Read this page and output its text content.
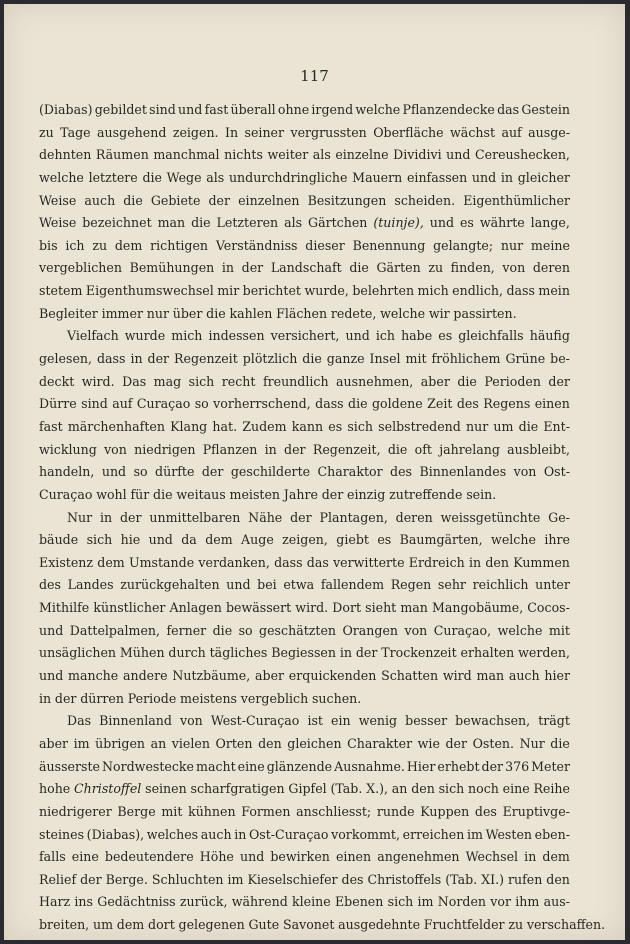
117
(Diabas) gebildet sind und fast überall ohne irgend welche Pflanzendecke das Gestein
zu Tage ausgehend zeigen. In seiner vergrussten Oberfläche wächst auf ausge-
dehnten Räumen manchmal nichts weiter als einzelne Dividivi und Cereushecken,
welche letztere die Wege als undurchdringliche Mauern einfassen und in gleicher
Weise auch die Gebiete der einzelnen Besitzungen scheiden. Eigenthümlicher
Weise bezeichnet man die Letzteren als Gärtchen (tuinje), und es währte lange,
bis ich zu dem richtigen Verständniss dieser Benennung gelangte; nur meine
vergeblichen Bemühungen in der Landschaft die Gärten zu finden, von deren
stetem Eigenthumswechsel mir berichtet wurde, belehrten mich endlich, dass mein
Begleiter immer nur über die kahlen Flächen redete, welche wir passirten.
Vielfach wurde mich indessen versichert, und ich habe es gleichfalls häufig
gelesen, dass in der Regenzeit plötzlich die ganze Insel mit fröhlichem Grüne be-
deckt wird. Das mag sich recht freundlich ausnehmen, aber die Perioden der
Dürre sind auf Curaçao so vorherrschend, dass die goldene Zeit des Regens einen
fast märchenhaften Klang hat. Zudem kann es sich selbstredend nur um die Ent-
wicklung von niedrigen Pflanzen in der Regenzeit, die oft jahrelang ausbleibt,
handeln, und so dürfte der geschilderte Charaktor des Binnenlandes von Ost-
Curaçao wohl für die weitaus meisten Jahre der einzig zutreffende sein.
Nur in der unmittelbaren Nähe der Plantagen, deren weissgetünchte Ge-
bäude sich hie und da dem Auge zeigen, giebt es Baumgärten, welche ihre
Existenz dem Umstande verdanken, dass das verwitterte Erdreich in den Kummen
des Landes zurückgehalten und bei etwa fallendem Regen sehr reichlich unter
Mithilfe künstlicher Anlagen bewässert wird. Dort sieht man Mangobäume, Cocos-
und Dattelpalmen, ferner die so geschätzten Orangen von Curaçao, welche mit
unsäglichen Mühen durch tägliches Begiessen in der Trockenzeit erhalten werden,
und manche andere Nutzbäume, aber erquickenden Schatten wird man auch hier
in der dürren Periode meistens vergeblich suchen.
Das Binnenland von West-Curaçao ist ein wenig besser bewachsen, trägt
aber im übrigen an vielen Orten den gleichen Charakter wie der Osten. Nur die
äusserste Nordwestecke macht eine glänzende Ausnahme. Hier erhebt der 376 Meter
hohe Christoffel seinen scharfgratigen Gipfel (Tab. X.), an den sich noch eine Reihe
niedrigerer Berge mit kühnen Formen anschliesst; runde Kuppen des Eruptivge-
steines (Diabas), welches auch in Ost-Curaçao vorkommt, erreichen im Westen eben-
falls eine bedeutendere Höhe und bewirken einen angenehmen Wechsel in dem
Relief der Berge. Schluchten im Kieselschiefer des Christoffels (Tab. XI.) rufen den
Harz ins Gedächtniss zurück, während kleine Ebenen sich im Norden vor ihm aus-
breiten, um dem dort gelegenen Gute Savonet ausgedehnte Fruchtfelder zu verschaffen.
